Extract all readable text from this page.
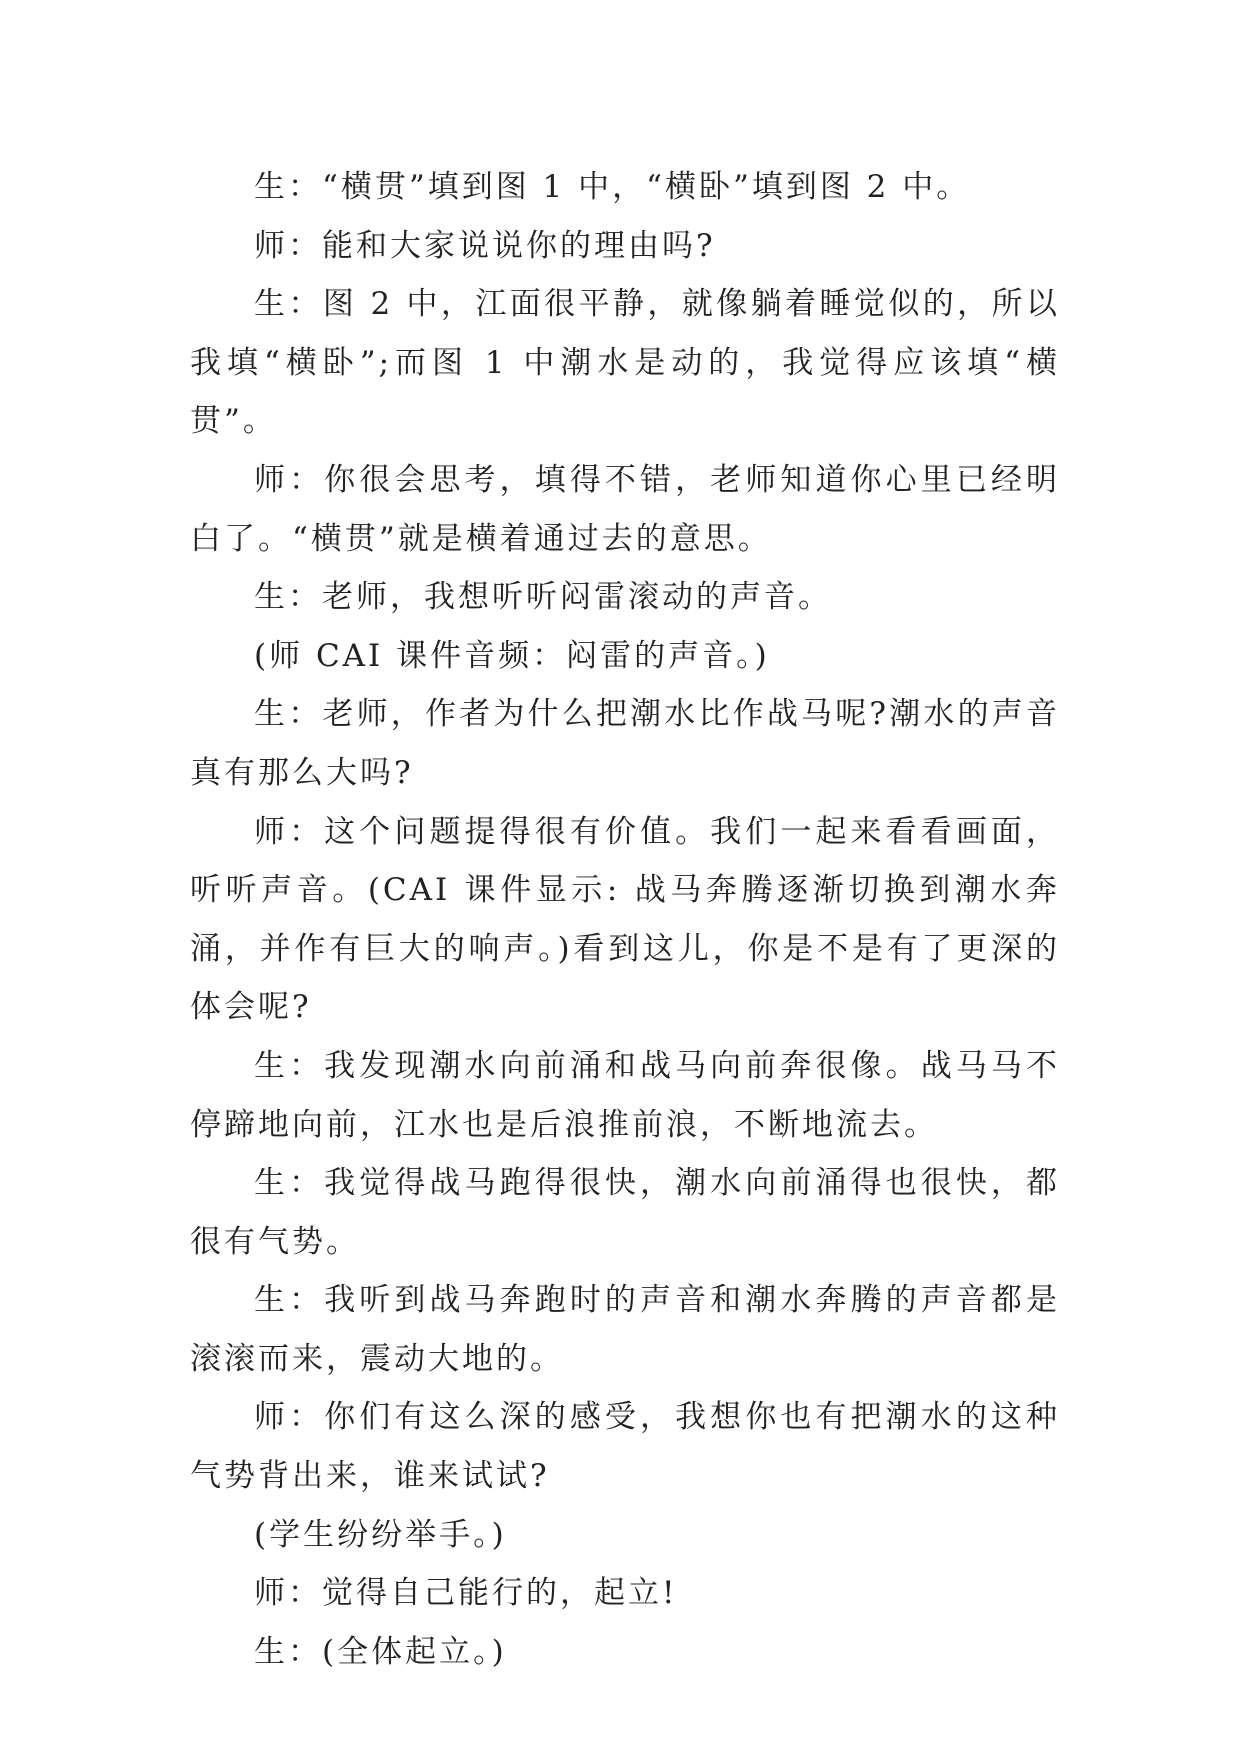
生：“横贯”填到图 1 中，“横卧”填到图 2 中。

师：能和大家说说你的理由吗?

生：图 2 中，江面很平静，就像躺着睡觉似的，所以我填“横卧”;而图 1 中潮水是动的，我觉得应该填“横贯”。

师：你很会思考，填得不错，老师知道你心里已经明白了。“横贯”就是横着通过去的意思。

生：老师，我想听听闷雷滚动的声音。

(师 CAI 课件音频：闷雷的声音。)

生：老师，作者为什么把潮水比作战马呢?潮水的声音真有那么大吗?

师：这个问题提得很有价值。我们一起来看看画面，听听声音。(CAI 课件显示: 战马奔腾逐渐切换到潮水奔涌，并作有巨大的响声。)看到这儿，你是不是有了更深的体会呢?

生：我发现潮水向前涌和战马向前奔很像。战马马不停蹄地向前，江水也是后浪推前浪，不断地流去。

生：我觉得战马跑得很快，潮水向前涌得也很快，都很有气势。

生：我听到战马奔跑时的声音和潮水奔腾的声音都是滚滚而来，震动大地的。

师：你们有这么深的感受，我想你也有把潮水的这种气势背出来，谁来试试?

(学生纷纷举手。)

师：觉得自己能行的，起立!

生：(全体起立。)
